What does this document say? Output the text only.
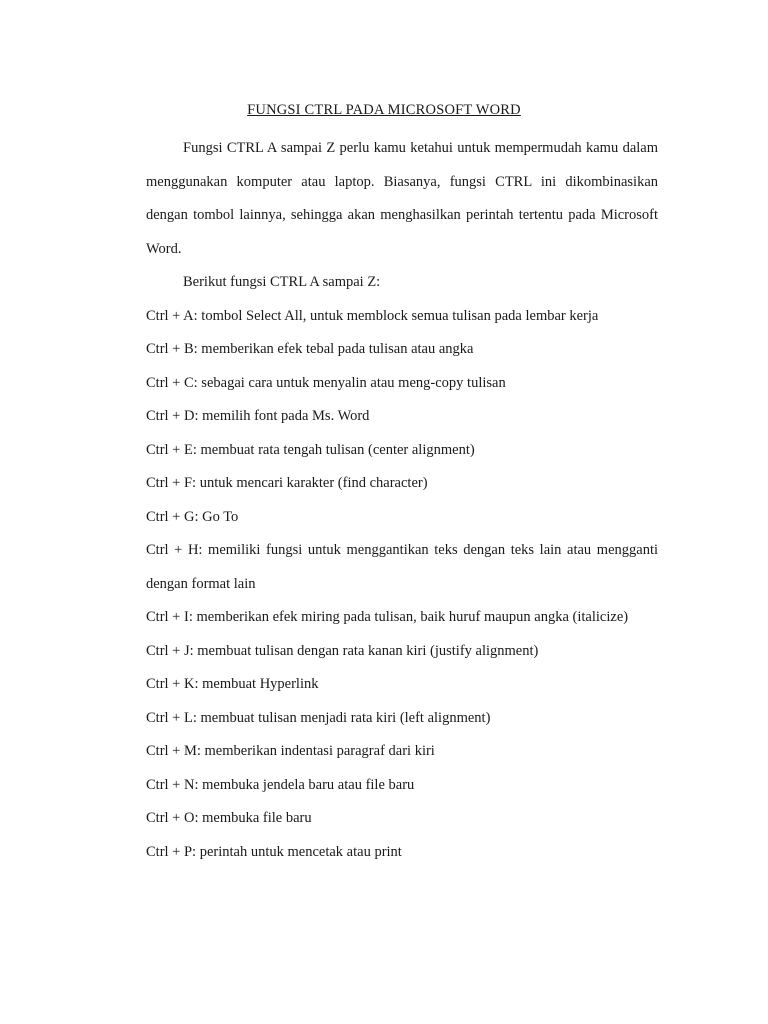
FUNGSI CTRL PADA MICROSOFT WORD

Fungsi CTRL A sampai Z perlu kamu ketahui untuk mempermudah kamu dalam menggunakan komputer atau laptop. Biasanya, fungsi CTRL ini dikombinasikan dengan tombol lainnya, sehingga akan menghasilkan perintah tertentu pada Microsoft Word.

Berikut fungsi CTRL A sampai Z:

Ctrl + A: tombol Select All, untuk memblock semua tulisan pada lembar kerja

Ctrl + B: memberikan efek tebal pada tulisan atau angka

Ctrl + C: sebagai cara untuk menyalin atau meng-copy tulisan

Ctrl + D: memilih font pada Ms. Word

Ctrl + E: membuat rata tengah tulisan (center alignment)

Ctrl + F: untuk mencari karakter (find character)

Ctrl + G: Go To

Ctrl + H: memiliki fungsi untuk menggantikan teks dengan teks lain atau mengganti dengan format lain

Ctrl + I: memberikan efek miring pada tulisan, baik huruf maupun angka (italicize)

Ctrl + J: membuat tulisan dengan rata kanan kiri (justify alignment)

Ctrl + K: membuat Hyperlink

Ctrl + L: membuat tulisan menjadi rata kiri (left alignment)

Ctrl + M: memberikan indentasi paragraf dari kiri

Ctrl + N: membuka jendela baru atau file baru

Ctrl + O: membuka file baru

Ctrl + P: perintah untuk mencetak atau print
